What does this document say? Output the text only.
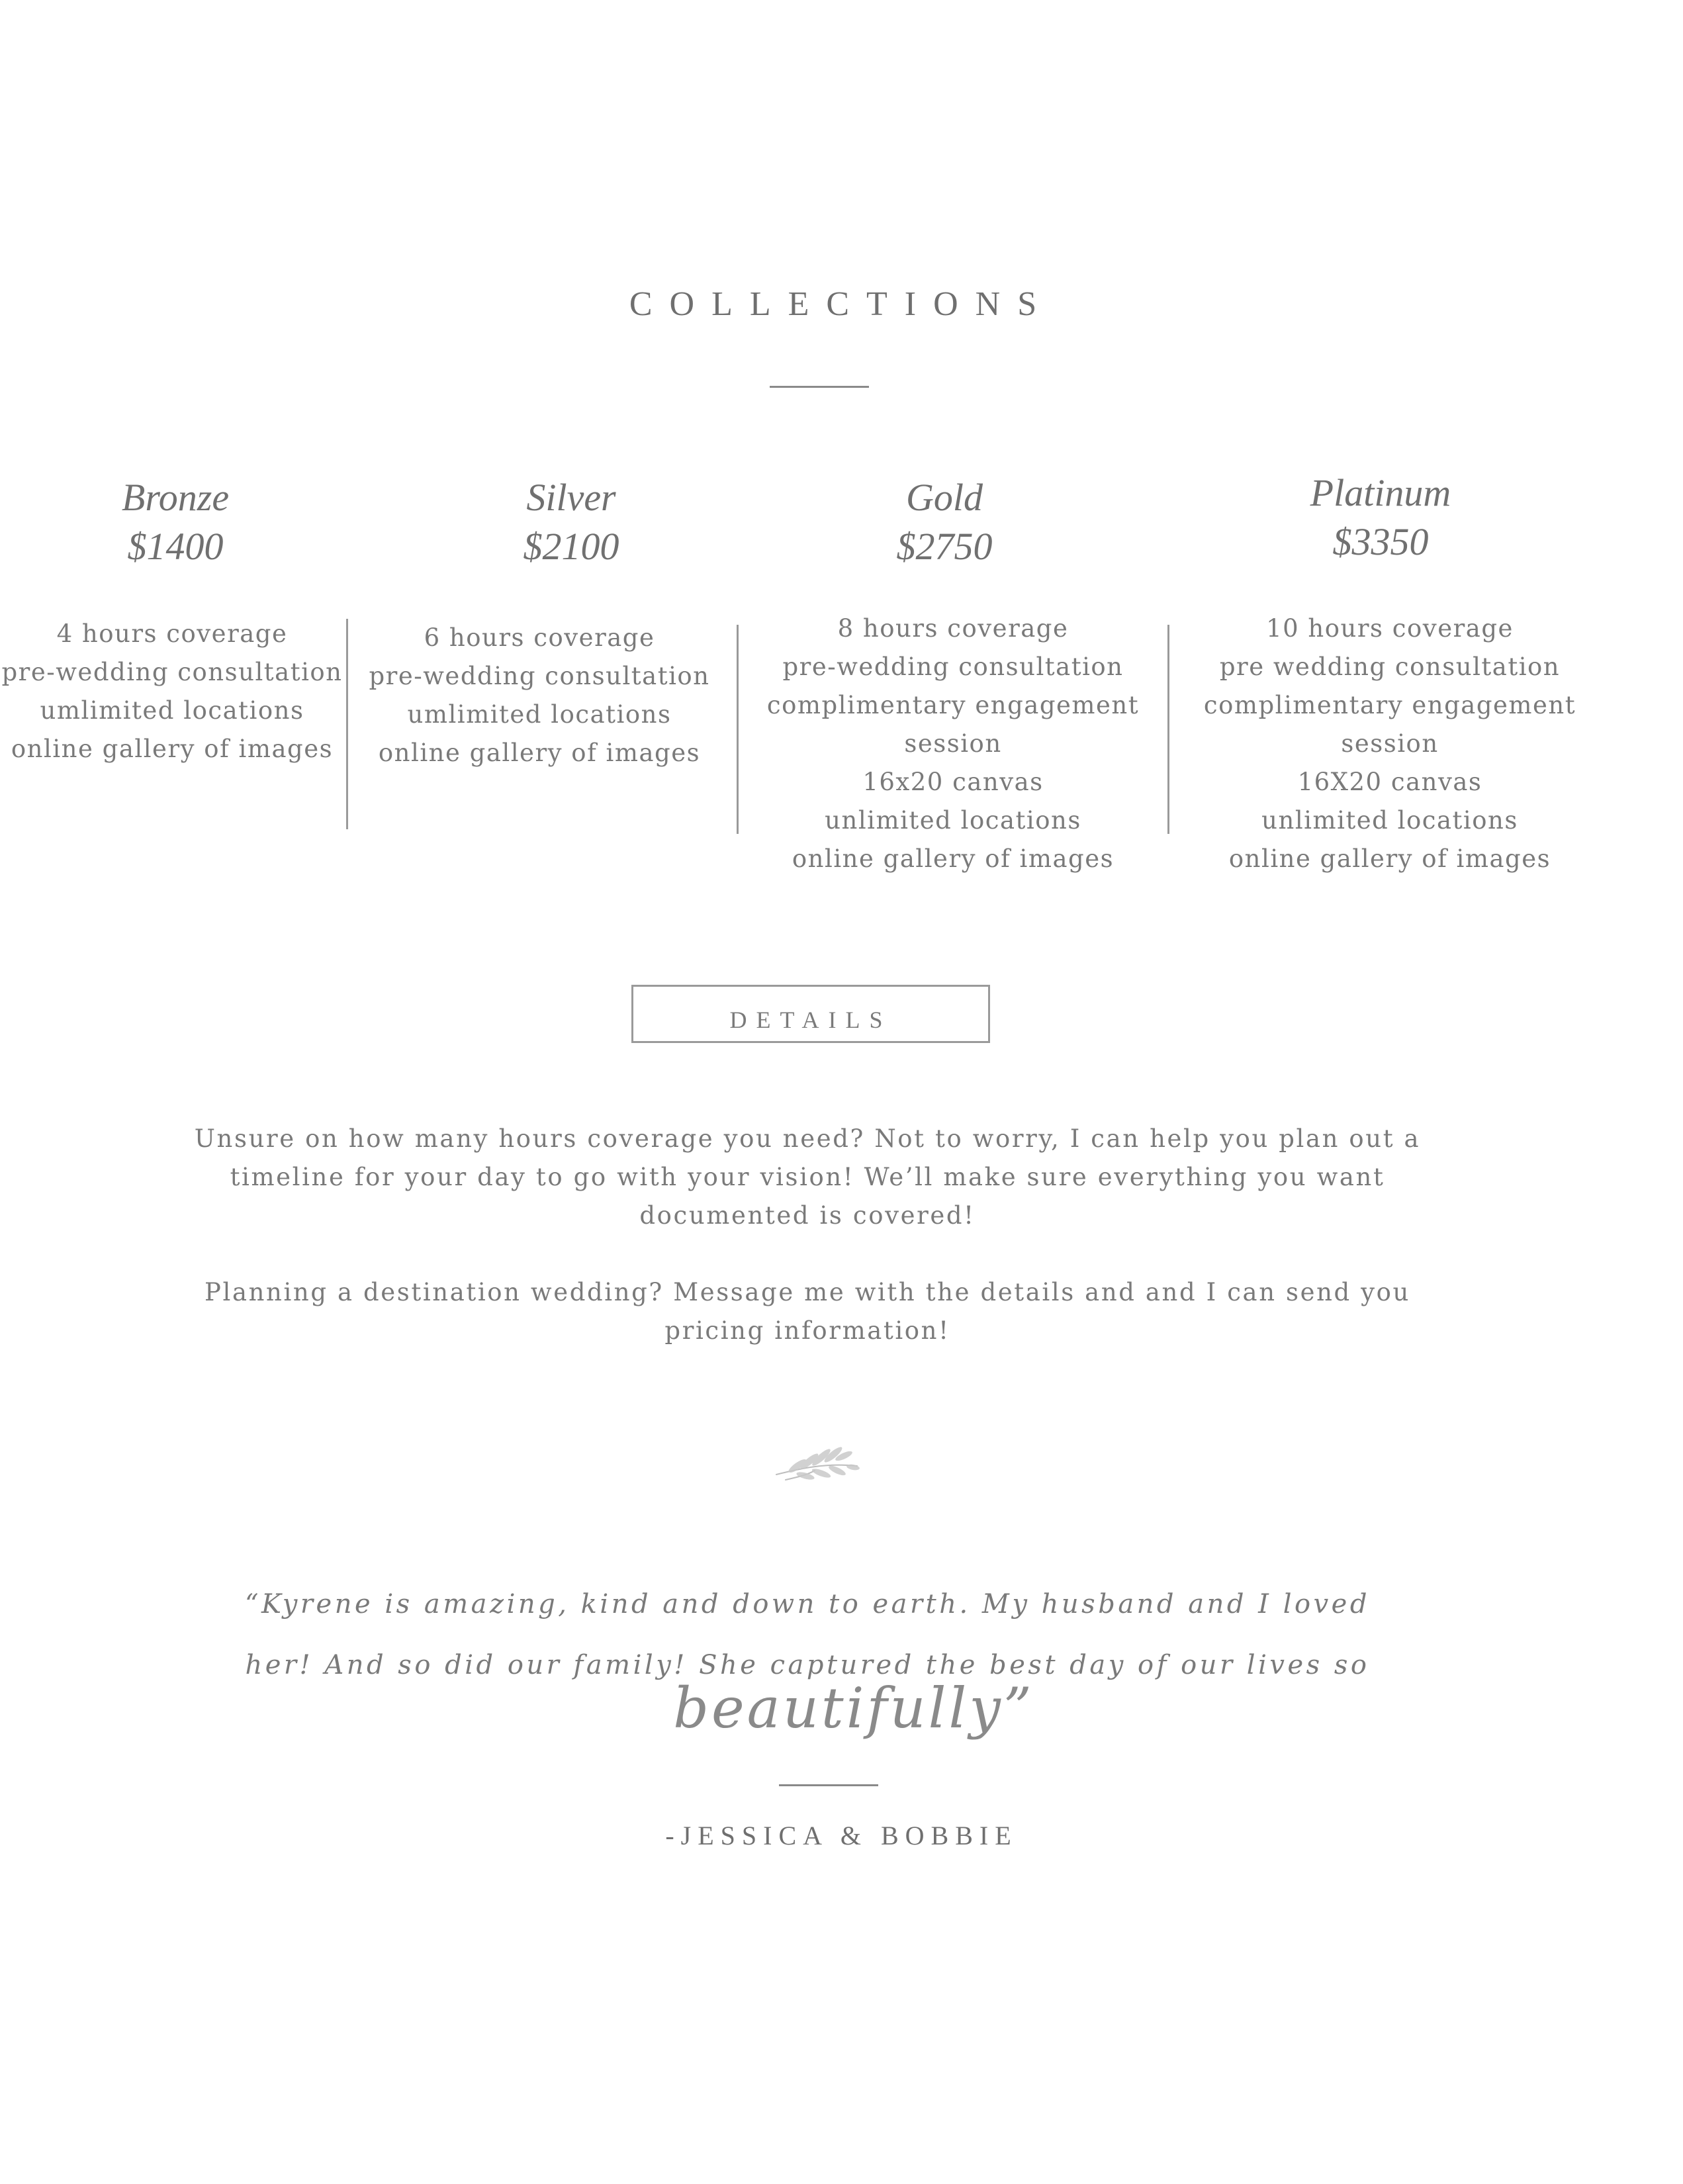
COLLECTIONS
Bronze
$1400
Silver
$2100
Gold
$2750
Platinum
$3350
4 hours coverage
pre-wedding consultation
umlimited locations
online gallery of images
6 hours coverage
pre-wedding consultation
umlimited locations
online gallery of images
8 hours coverage
pre-wedding consultation
complimentary engagement
session
16x20 canvas
unlimited locations
online gallery of images
10 hours coverage
pre wedding consultation
complimentary engagement
session
16X20 canvas
unlimited locations
online gallery of images
DETAILS
Unsure on how many hours coverage you need? Not to worry, I can help you plan out a
timeline for your day to go with your vision! We’ll make sure everything you want
documented is covered!
Planning a destination wedding? Message me with the details and and I can send you
pricing information!
“Kyrene is amazing, kind and down to earth. My husband and I loved
her! And so did our family! She captured the best day of our lives so
beautifully”
-JESSICA & BOBBIE
